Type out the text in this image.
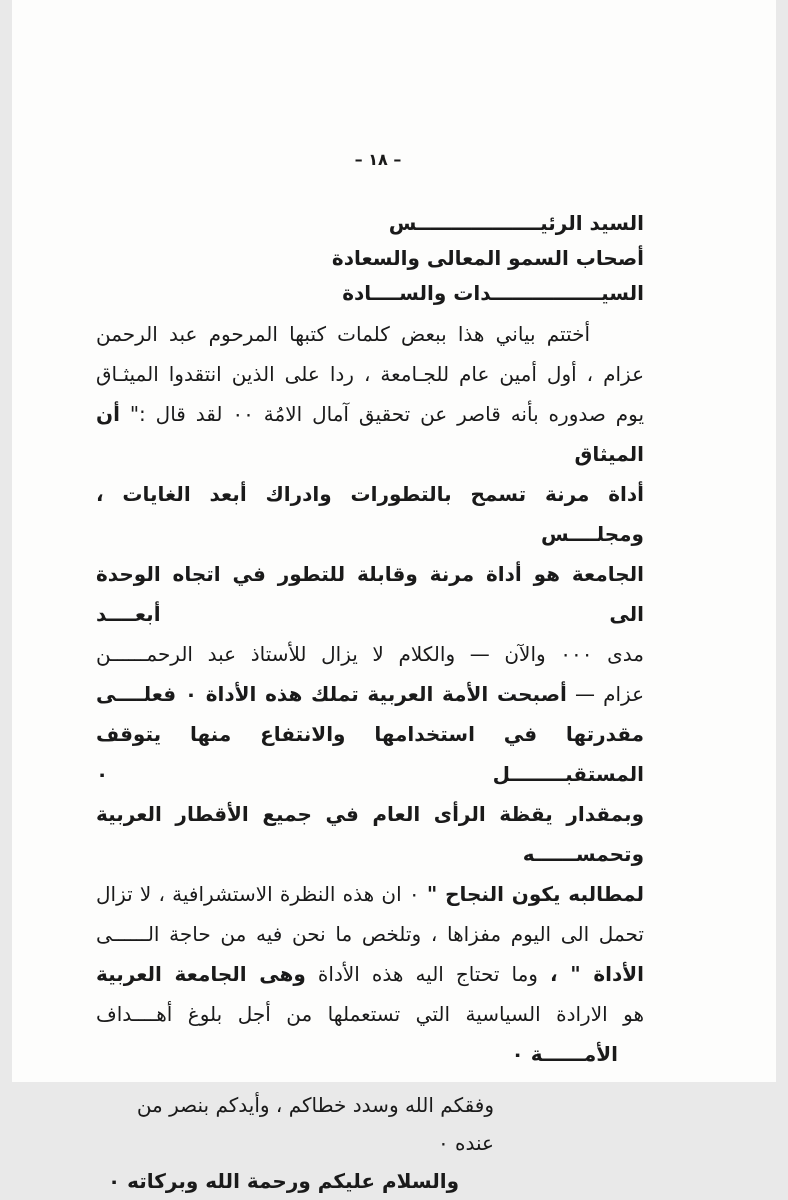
– ١٨ –
السيد الرئيــــــــــــــــــس
أصحاب السمو المعالى والسعادة
السيــــــــــــــــدات والســــادة
أختتم بياني هذا ببعض كلمات كتبها المرحوم عبد الرحمن
عزام ، أول أمين عام للجـامعة ، ردا على الذين انتقدوا الميثـاق
يوم صدوره بأنه قاصر عن تحقيق آمال الامُة ٠٠ لقد قال :" أن الميثاق
أداة مرنة تسمح بالتطورات وادراك أبعد الغايات ، ومجلــــس
الجامعة هو أداة مرنة وقابلة للتطور في اتجاه الوحدة الى أبعــــد
مدى ٠٠٠ والآن — والكلام لا يزال للأستاذ عبد الرحمــــــن
عزام — أصبحت الأمة العربية تملك هذه الأداة ٠ فعلــــى
مقدرتها في استخدامها والانتفاع منها يتوقف المستقبــــــــل ٠
وبمقدار يقظة الرأى العام في جميع الأقطار العربية وتحمســــــه
لمطالبه يكون النجاح " ٠ ان هذه النظرة الاستشرافية ، لا تزال
تحمل الى اليوم مفزاها ، وتلخص ما نحن فيه من حاجة الــــــى
الأداة " ، وما تحتاج اليه هذه الأداة وهى الجامعة العربية
هو الارادة السياسية التي تستعملها من أجل بلوغ أهــــداف
الأمــــــة ٠
وفقكم الله وسدد خطاكم ، وأيدكم بنصر من عنده ٠
والسلام عليكم ورحمة الله وبركاته ٠
